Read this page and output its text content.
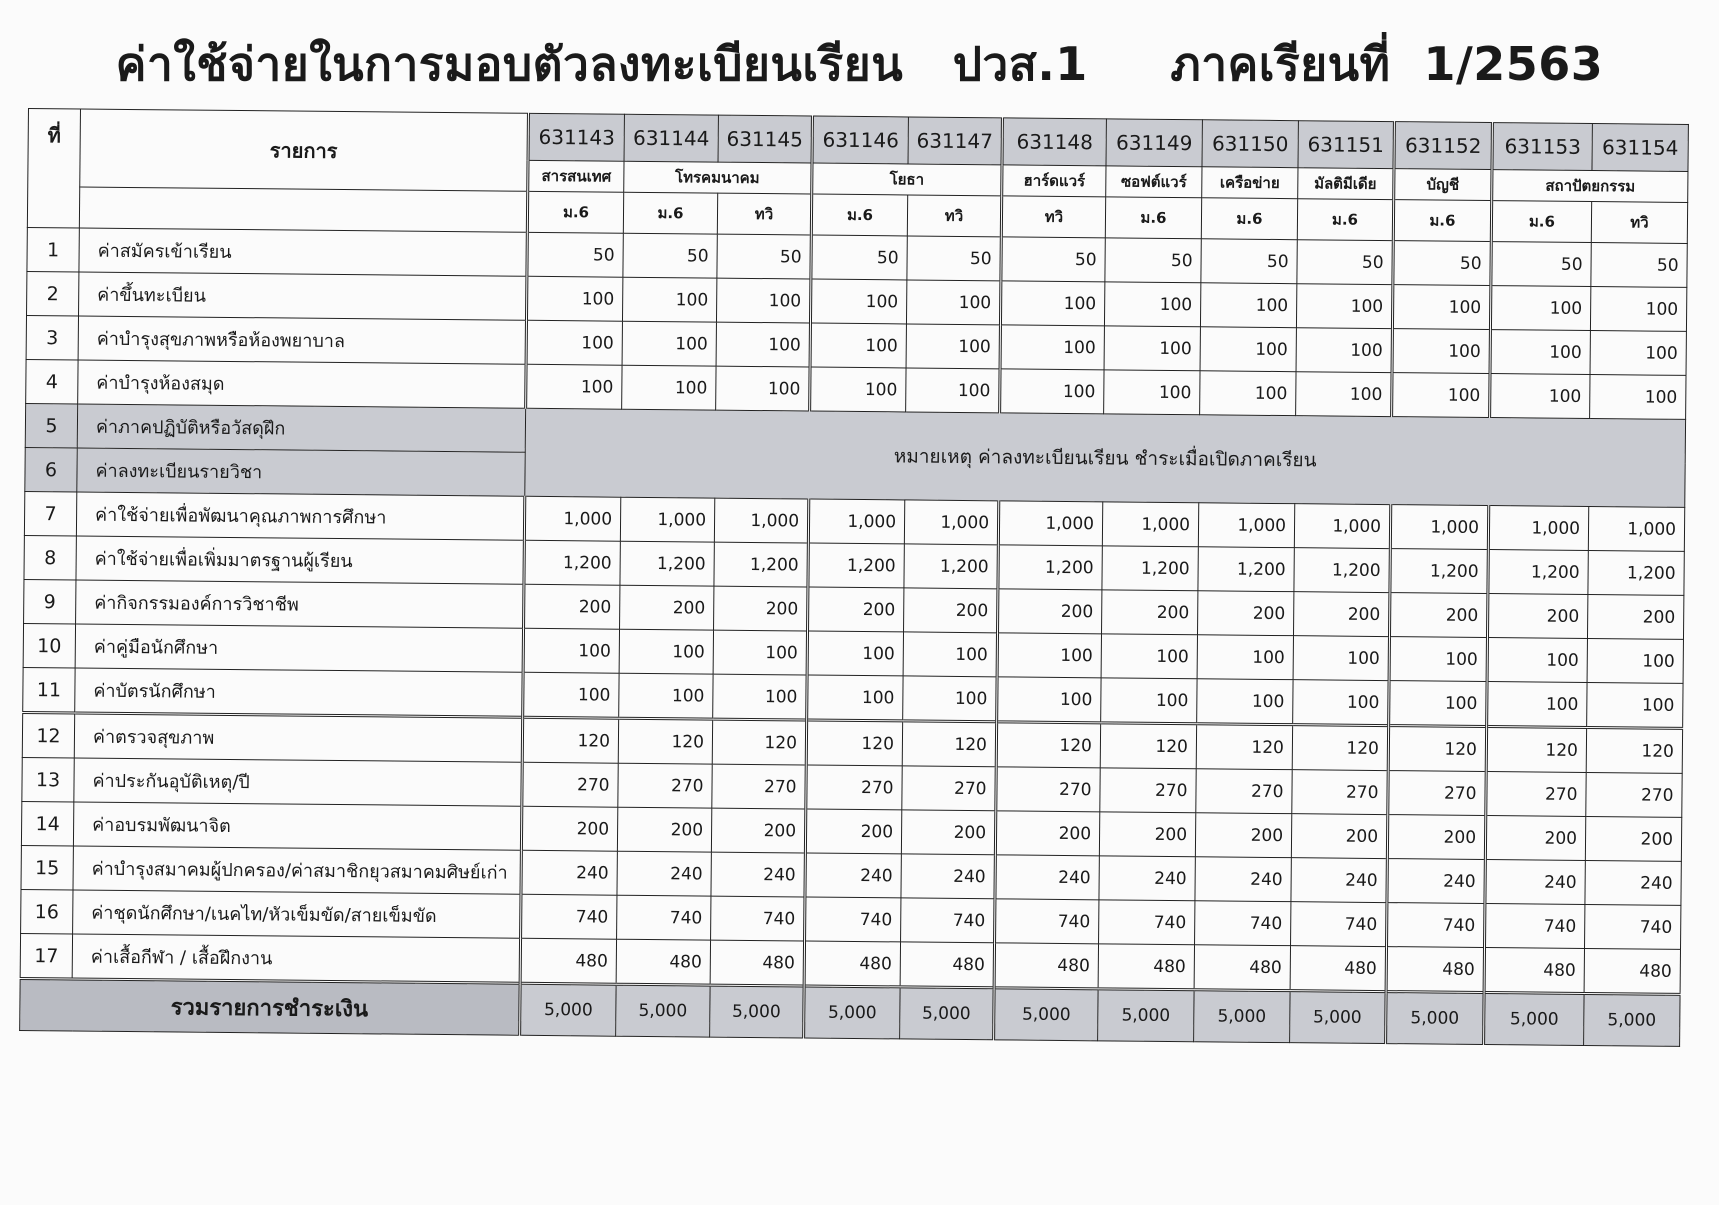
ค่าใช้จ่ายในการมอบตัวลงทะเบียนเรียน   ปวส.1     ภาคเรียนที่  1/2563
ที่	รายการ	631143	631144	631145	631146	631147	631148	631149	631150	631151	631152	631153	631154
		สารสนเทศ	โทรคมนาคม		โยธา		ฮาร์ดแวร์	ซอฟต์แวร์	เครือข่าย	มัลติมีเดีย	บัญชี	สถาปัตยกรรม	
		ม.6	ม.6	ทวิ	ม.6	ทวิ	ทวิ	ม.6	ม.6	ม.6	ม.6	ม.6	ทวิ
1	ค่าสมัครเข้าเรียน	50	50	50	50	50	50	50	50	50	50	50	50
2	ค่าขึ้นทะเบียน	100	100	100	100	100	100	100	100	100	100	100	100
3	ค่าบำรุงสุขภาพหรือห้องพยาบาล	100	100	100	100	100	100	100	100	100	100	100	100
4	ค่าบำรุงห้องสมุด	100	100	100	100	100	100	100	100	100	100	100	100
5	ค่าภาคปฏิบัติหรือวัสดุฝึก	หมายเหตุ ค่าลงทะเบียนเรียน ชำระเมื่อเปิดภาคเรียน											
6	ค่าลงทะเบียนรายวิชา												
7	ค่าใช้จ่ายเพื่อพัฒนาคุณภาพการศึกษา	1,000	1,000	1,000	1,000	1,000	1,000	1,000	1,000	1,000	1,000	1,000	1,000
8	ค่าใช้จ่ายเพื่อเพิ่มมาตรฐานผู้เรียน	1,200	1,200	1,200	1,200	1,200	1,200	1,200	1,200	1,200	1,200	1,200	1,200
9	ค่ากิจกรรมองค์การวิชาชีพ	200	200	200	200	200	200	200	200	200	200	200	200
10	ค่าคู่มือนักศึกษา	100	100	100	100	100	100	100	100	100	100	100	100
11	ค่าบัตรนักศึกษา	100	100	100	100	100	100	100	100	100	100	100	100
12	ค่าตรวจสุขภาพ	120	120	120	120	120	120	120	120	120	120	120	120
13	ค่าประกันอุบัติเหตุ/ปี	270	270	270	270	270	270	270	270	270	270	270	270
14	ค่าอบรมพัฒนาจิต	200	200	200	200	200	200	200	200	200	200	200	200
15	ค่าบำรุงสมาคมผู้ปกครอง/ค่าสมาชิกยุวสมาคมศิษย์เก่า	240	240	240	240	240	240	240	240	240	240	240	240
16	ค่าชุดนักศึกษา/เนคไท/หัวเข็มขัด/สายเข็มขัด	740	740	740	740	740	740	740	740	740	740	740	740
17	ค่าเสื้อกีฬา / เสื้อฝึกงาน	480	480	480	480	480	480	480	480	480	480	480	480
รวมรายการชำระเงิน		5,000	5,000	5,000	5,000	5,000	5,000	5,000	5,000	5,000	5,000	5,000	5,000
